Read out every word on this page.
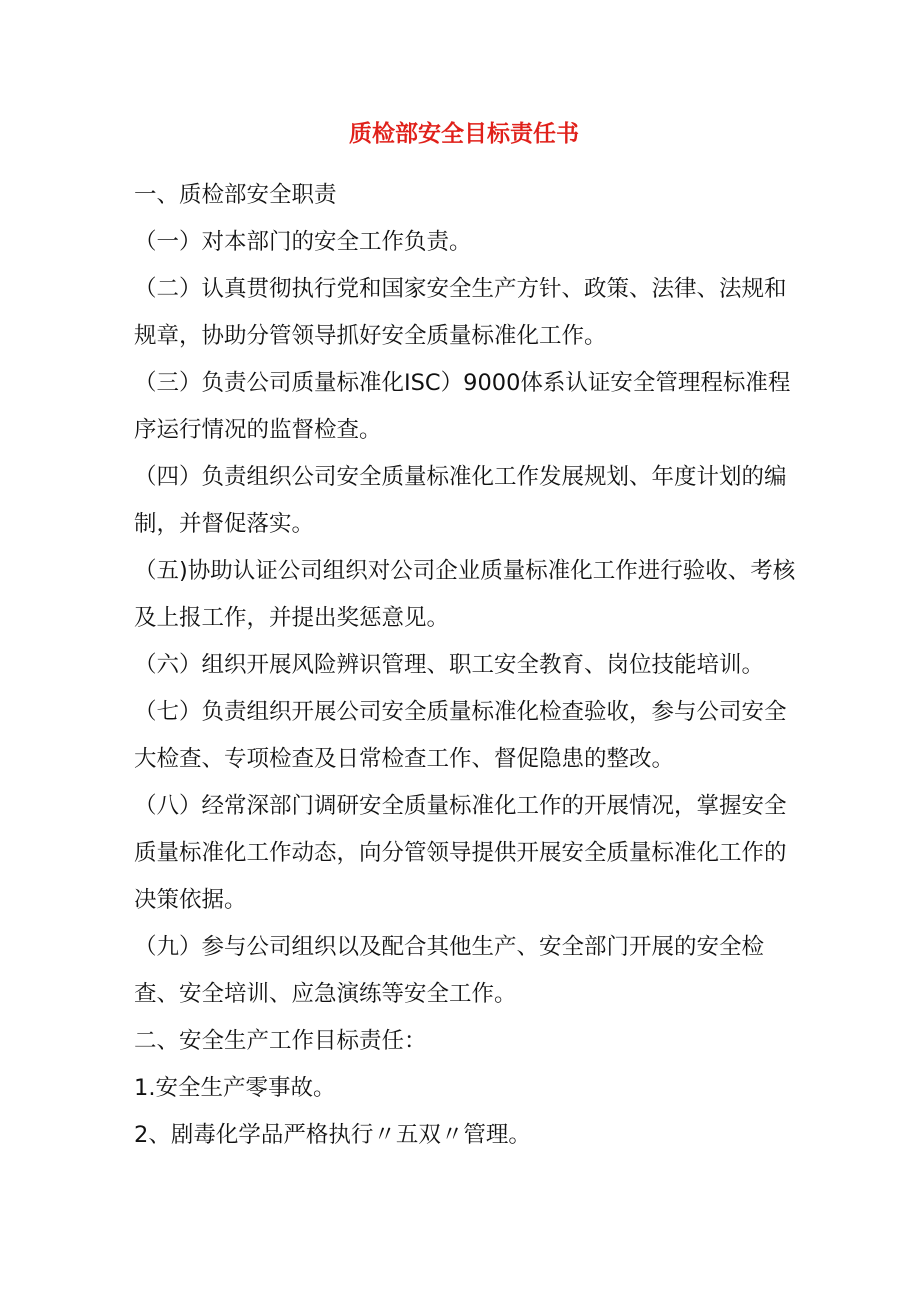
质检部安全目标责任书

一、质检部安全职责

（一）对本部门的安全工作负责。

（二）认真贯彻执行党和国家安全生产方针、政策、法律、法规和规章，协助分管领导抓好安全质量标准化工作。

（三）负责公司质量标准化ISC）9000体系认证安全管理程标准程序运行情况的监督检查。

（四）负责组织公司安全质量标准化工作发展规划、年度计划的编制，并督促落实。

（五)协助认证公司组织对公司企业质量标准化工作进行验收、考核及上报工作，并提出奖惩意见。

（六）组织开展风险辨识管理、职工安全教育、岗位技能培训。

（七）负责组织开展公司安全质量标准化检查验收，参与公司安全大检查、专项检查及日常检查工作、督促隐患的整改。

（八）经常深部门调研安全质量标准化工作的开展情况，掌握安全质量标准化工作动态，向分管领导提供开展安全质量标准化工作的决策依据。

（九）参与公司组织以及配合其他生产、安全部门开展的安全检查、安全培训、应急演练等安全工作。

二、安全生产工作目标责任：

1.安全生产零事故。

2、剧毒化学品严格执行〃五双〃管理。
